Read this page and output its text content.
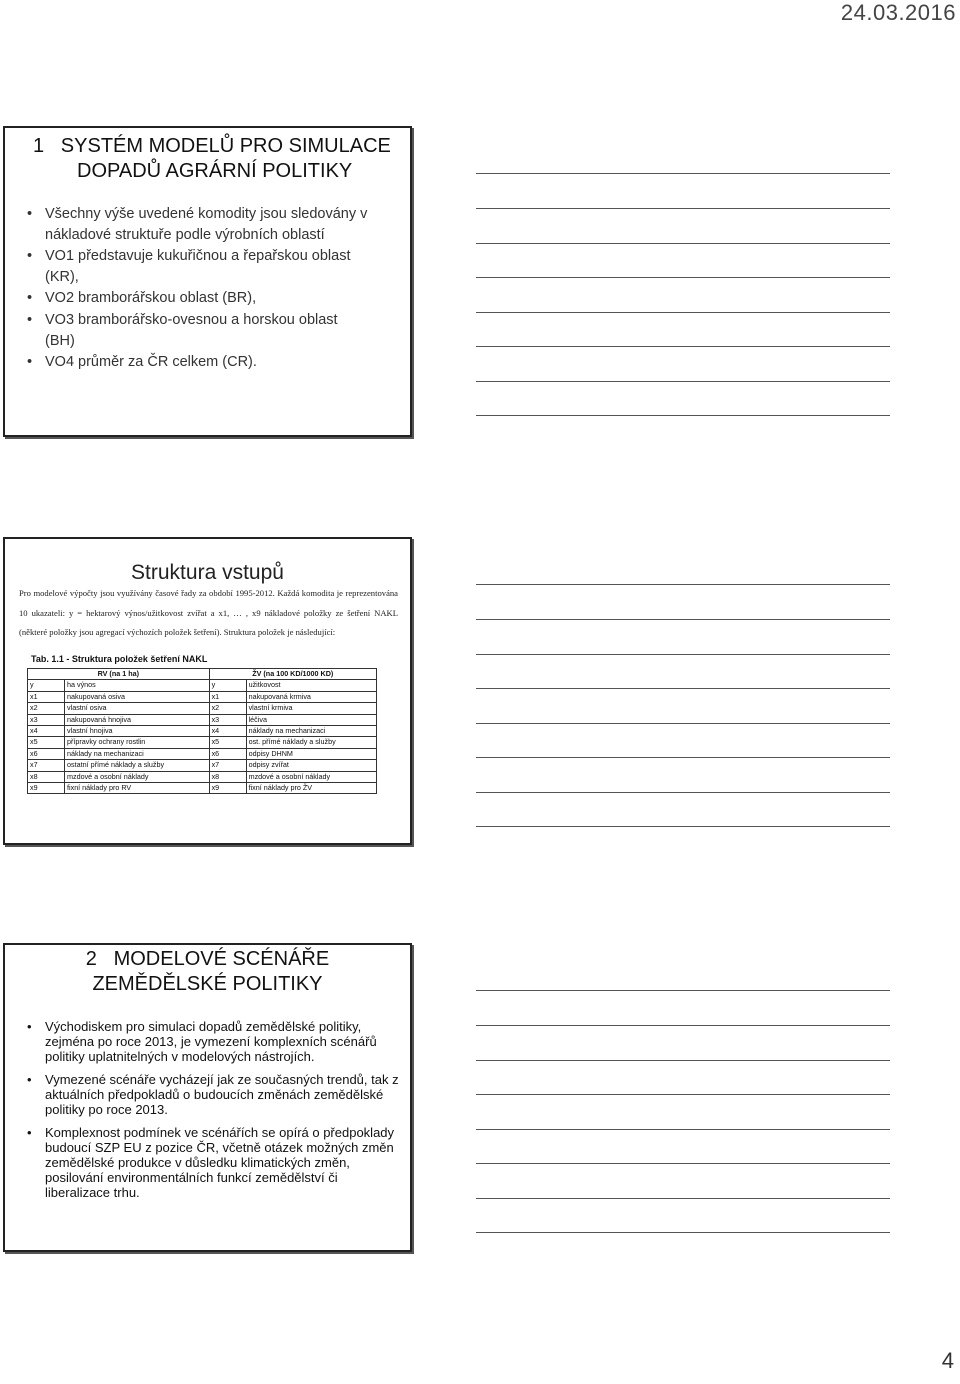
24.03.2016
1   SYSTÉM MODELŮ PRO SIMULACE
DOPADŮ AGRÁRNÍ POLITIKY
• Všechny výše uvedené komodity jsou sledovány v nákladové struktuře podle výrobních oblastí
• VO1 představuje kukuřičnou a řepařskou oblast (KR),
• VO2 bramborářskou oblast (BR),
• VO3 bramborářsko-ovesnou a horskou oblast (BH)
• VO4 průměr za ČR celkem (CR).
Struktura vstupů
Pro modelové výpočty jsou využívány časové řady za období 1995-2012. Každá komodita je reprezentována 10 ukazateli: y = hektarový výnos/užitkovost zvířat a x1, … , x9 nákladové položky ze šetření NAKL (některé položky jsou agregací výchozích položek šetření). Struktura položek je následující:
Tab. 1.1 - Struktura položek šetření NAKL
RV (na 1 ha)		ŽV (na 100 KD/1000 KD)	
y	ha výnos	y	užitkovost
x1	nakupovaná osiva	x1	nakupovaná krmiva
x2	vlastní osiva	x2	vlastní krmiva
x3	nakupovaná hnojiva	x3	léčiva
x4	vlastní hnojiva	x4	náklady na mechanizaci
x5	přípravky ochrany rostlin	x5	ost. přímé náklady a služby
x6	náklady na mechanizaci	x6	odpisy DHNM
x7	ostatní přímé náklady a služby	x7	odpisy zvířat
x8	mzdové a osobní náklady	x8	mzdové a osobní náklady
x9	fixní náklady pro RV	x9	fixní náklady pro ŽV
2   MODELOVÉ SCÉNÁŘE
ZEMĚDĚLSKÉ POLITIKY
• Východiskem pro simulaci dopadů zemědělské politiky, zejména po roce 2013, je vymezení komplexních scénářů politiky uplatnitelných v modelových nástrojích.
• Vymezené scénáře vycházejí jak ze současných trendů, tak z aktuálních předpokladů o budoucích změnách zemědělské politiky po roce 2013.
• Komplexnost podmínek ve scénářích se opírá o předpoklady budoucí SZP EU z pozice ČR, včetně otázek možných změn zemědělské produkce v důsledku klimatických změn, posilování environmentálních funkcí zemědělství či liberalizace trhu.
4
